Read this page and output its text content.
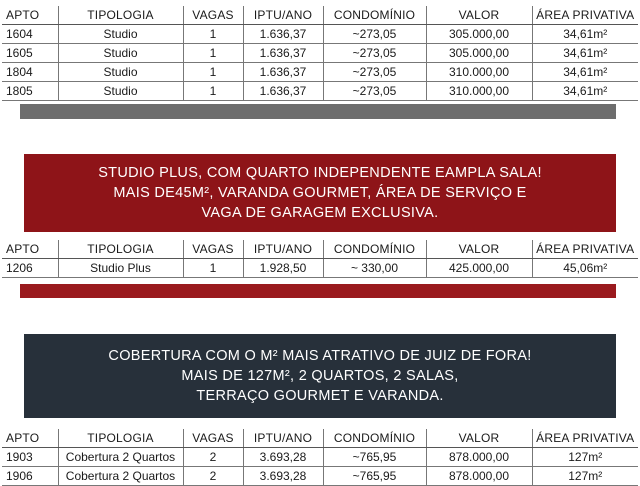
APTO	TIPOLOGIA	VAGAS	IPTU/ANO	CONDOMÍNIO	VALOR	ÁREA PRIVATIVA
1604	Studio	1	1.636,37	~273,05	305.000,00	34,61m²
1605	Studio	1	1.636,37	~273,05	305.000,00	34,61m²
1804	Studio	1	1.636,37	~273,05	310.000,00	34,61m²
1805	Studio	1	1.636,37	~273,05	310.000,00	34,61m²
STUDIO PLUS, COM QUARTO INDEPENDENTE EAMPLA SALA!
MAIS DE45M², VARANDA GOURMET, ÁREA DE SERVIÇO E
VAGA DE GARAGEM EXCLUSIVA.
APTO	TIPOLOGIA	VAGAS	IPTU/ANO	CONDOMÍNIO	VALOR	ÁREA PRIVATIVA
1206	Studio Plus	1	1.928,50	~ 330,00	425.000,00	45,06m²
COBERTURA COM O M² MAIS ATRATIVO DE JUIZ DE FORA!
MAIS DE 127M², 2 QUARTOS, 2 SALAS,
TERRAÇO GOURMET E VARANDA.
APTO	TIPOLOGIA	VAGAS	IPTU/ANO	CONDOMÍNIO	VALOR	ÁREA PRIVATIVA
1903	Cobertura 2 Quartos	2	3.693,28	~765,95	878.000,00	127m²
1906	Cobertura 2 Quartos	2	3.693,28	~765,95	878.000,00	127m²
